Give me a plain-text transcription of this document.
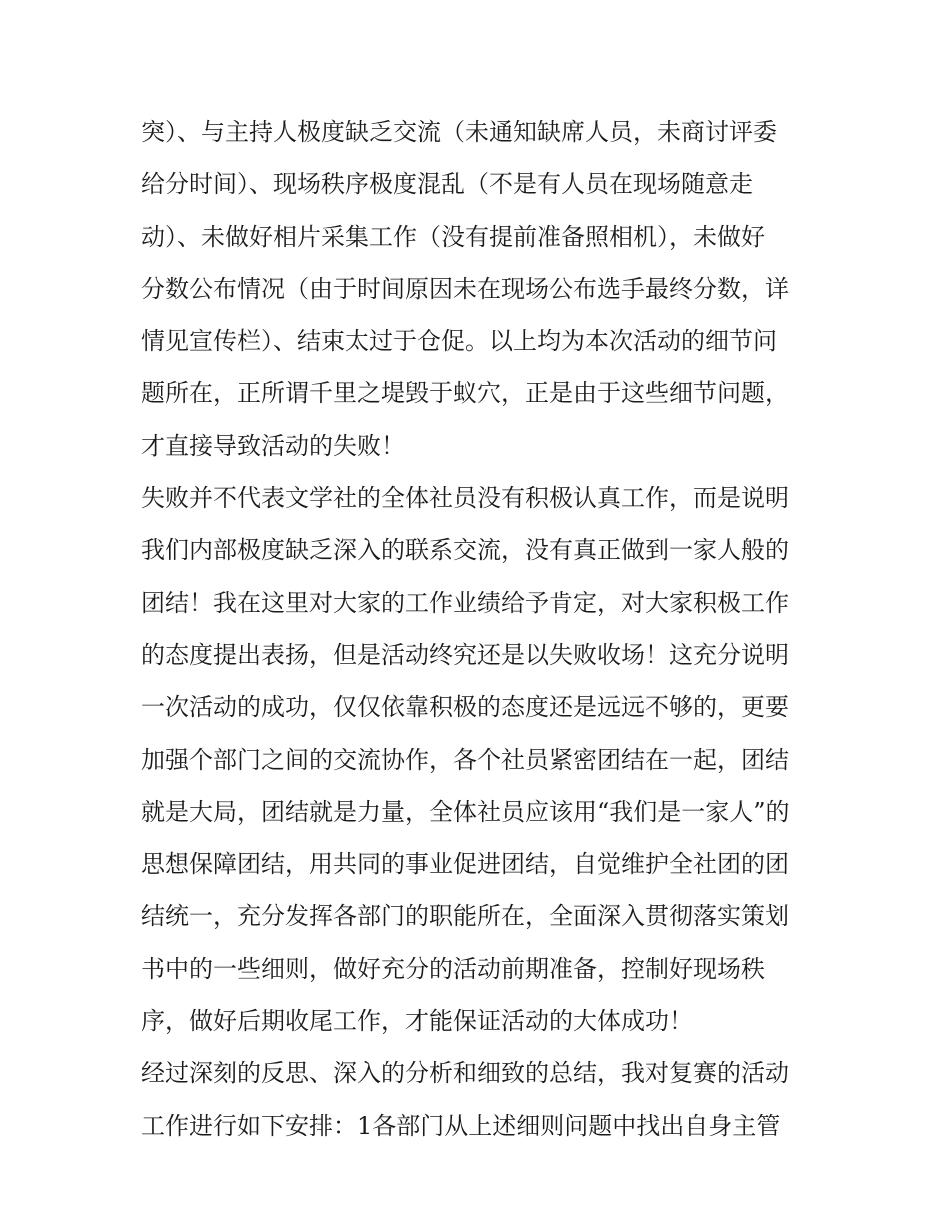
突）、与主持人极度缺乏交流（未通知缺席人员，未商讨评委
给分时间）、现场秩序极度混乱（不是有人员在现场随意走
动）、未做好相片采集工作（没有提前准备照相机），未做好
分数公布情况（由于时间原因未在现场公布选手最终分数，详
情见宣传栏）、结束太过于仓促。以上均为本次活动的细节问
题所在，正所谓千里之堤毁于蚁穴，正是由于这些细节问题，
才直接导致活动的失败！
失败并不代表文学社的全体社员没有积极认真工作，而是说明
我们内部极度缺乏深入的联系交流，没有真正做到一家人般的
团结！我在这里对大家的工作业绩给予肯定，对大家积极工作
的态度提出表扬，但是活动终究还是以失败收场！这充分说明
一次活动的成功，仅仅依靠积极的态度还是远远不够的，更要
加强个部门之间的交流协作，各个社员紧密团结在一起，团结
就是大局，团结就是力量，全体社员应该用“我们是一家人”的
思想保障团结，用共同的事业促进团结，自觉维护全社团的团
结统一，充分发挥各部门的职能所在，全面深入贯彻落实策划
书中的一些细则，做好充分的活动前期准备，控制好现场秩
序，做好后期收尾工作，才能保证活动的大体成功！
经过深刻的反思、深入的分析和细致的总结，我对复赛的活动
工作进行如下安排：1各部门从上述细则问题中找出自身主管
